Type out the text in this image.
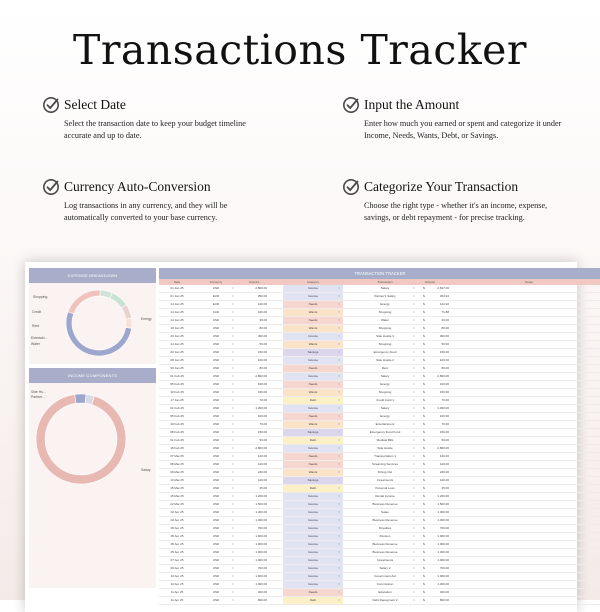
Transactions Tracker
Select Date
Select the transaction date to keep your budget timeline accurate and up to date.
Input the Amount
Enter how much you earned or spent and categorize it under Income, Needs, Wants, Debt, or Savings.
Currency Auto-Conversion
Log transactions in any currency, and they will be automatically converted to your base currency.
Categorize Your Transaction
Choose the right type - whether it's an income, expense, savings, or debt repayment - for precise tracking.
EXPENSE BREAKDOWN
Shopping
Credit
Rent
Entertain...
Water
Energy
INCOME COMPONENTS
Side Hu...
Partner...
Salary
TRANSACTION TRACKER
Date	Currency	Amount	Category	Transaction	Amount	Notes
01 Jan 25	USD	▾	2,800.00	Income	▾	Salary	▾	$	2,817.00
01 Jan 25	EUR	▾	350.00	Income	▾	Partner's Salary	▾	$	364.94
14 Jan 25	EUR	▾	120.00	Needs	▾	Energy	▾	$	124.92
14 Jan 25	CAD	▾	100.00	Wants	▾	Shopping	▾	$	71.88
14 Jan 25	USD	▾	30.00	Needs	▾	Water	▾	$	30.00
18 Jan 25	USD	▾	80.00	Wants	▾	Shopping	▾	$	80.00
20 Jan 25	USD	▾	300.00	Income	▾	Side Hustle 3	▾	$	300.00
14 Jan 25	USD	▾	50.00	Wants	▾	Shopping	▾	$	50.00
20 Jan 25	USD	▾	150.00	Savings	▾	Emergency Fund	▾	$	150.00
28 Jan 25	USD	▾	100.00	Income	▾	Side Hustle 2	▾	$	100.00
30 Jan 25	USD	▾	80.00	Needs	▾	Rent	▾	$	80.00
01 Feb 25	USD	▾	2,800.00	Income	▾	Salary	▾	$	2,800.00
05 Feb 25	USD	▾	100.00	Needs	▾	Energy	▾	$	100.00
10 Feb 25	USD	▾	150.00	Wants	▾	Shopping	▾	$	150.00
17 Jan 25	USD	▾	70.00	Debt	▾	Credit Card 1	▾	$	70.00
01 Feb 25	USD	▾	1,300.00	Income	▾	Salary	▾	$	1,300.00
05 Feb 25	USD	▾	100.00	Needs	▾	Energy	▾	$	100.00
10 Feb 25	USD	▾	70.00	Wants	▾	Entertainment	▾	$	70.00
08 Feb 25	USD	▾	150.00	Savings	▾	Emergency Fund Fund	▾	$	150.00
01 Feb 25	USD	▾	50.00	Debt	▾	Medical Bills	▾	$	50.00
15 Feb 25	USD	▾	2,800.00	Income	▾	Side Hustle	▾	$	2,800.00
07 Mar 25	USD	▾	120.00	Needs	▾	Transportation 1	▾	$	120.00
08 Mar 25	USD	▾	120.00	Needs	▾	Streaming Services	▾	$	120.00
09 Mar 25	USD	▾	220.00	Wants	▾	Dining Out	▾	$	220.00
13 Mar 25	USD	▾	120.00	Savings	▾	Investments	▾	$	120.00
15 Mar 25	USD	▾	45.00	Debt	▾	Personal Loan	▾	$	45.00
15 Mar 25	USD	▾	1,200.00	Income	▾	Rental Income	▾	$	1,200.00
22 Mar 25	USD	▾	1,500.00	Income	▾	Business Revenue	▾	$	1,500.00
02 Apr 25	USD	▾	1,300.00	Income	▾	Sales	▾	$	1,300.00
02 Apr 25	USD	▾	1,300.00	Income	▾	Business Revenue	▾	$	1,300.00
05 Apr 25	USD	▾	700.00	Income	▾	Royalties	▾	$	700.00
05 Apr 25	USD	▾	1,000.00	Income	▾	Pension	▾	$	1,000.00
05 Apr 25	USD	▾	1,000.00	Income	▾	Business Revenue	▾	$	1,000.00
05 Apr 25	USD	▾	1,300.00	Income	▾	Business Revenue	▾	$	1,300.00
07 Apr 25	USD	▾	1,000.00	Income	▾	Investments	▾	$	1,000.00
06 Apr 25	USD	▾	700.00	Income	▾	Salary 2	▾	$	700.00
10 Apr 25	USD	▾	1,000.00	Income	▾	Government Aid	▾	$	1,000.00
10 Apr 25	USD	▾	1,300.00	Income	▾	Commission	▾	$	1,300.00
11 Apr 25	USD	▾	400.00	Needs	▾	Education	▾	$	400.00
11 Apr 25	USD	▾	800.00	Debt	▾	Debt Repayment 2	▾	$	800.00
